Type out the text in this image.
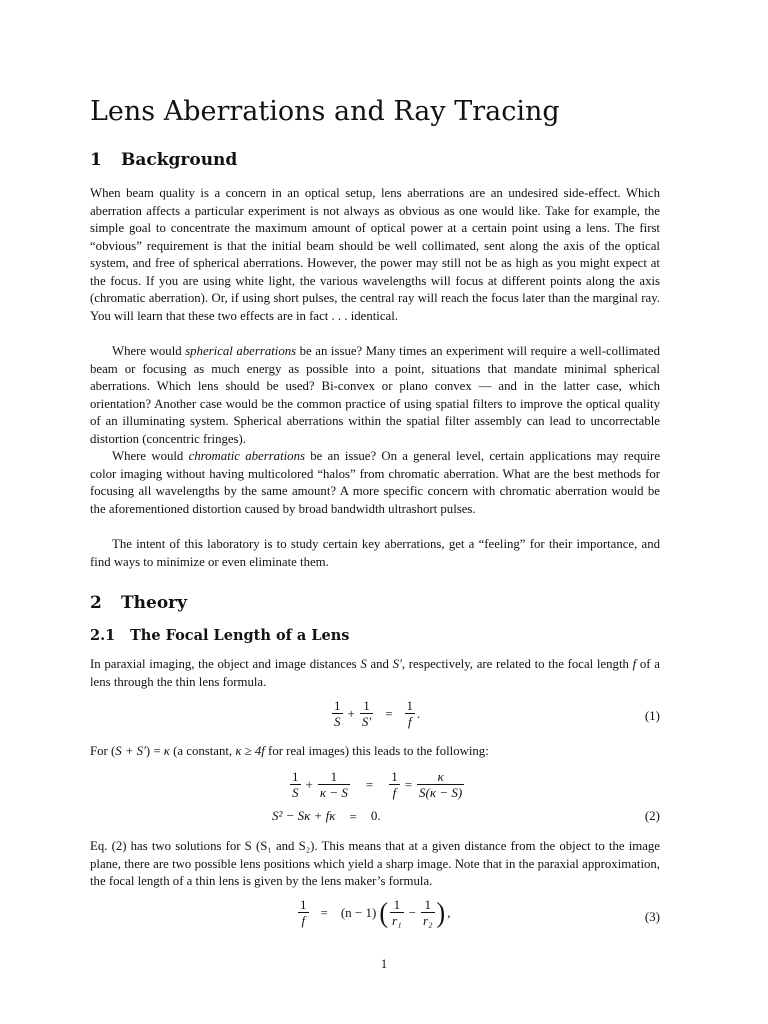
Lens Aberrations and Ray Tracing
1 Background

When beam quality is a concern in an optical setup, lens aberrations are an undesired side-effect. Which aberration affects a particular experiment is not always as obvious as one would like. Take for example, the simple goal to concentrate the maximum amount of optical power at a certain point using a lens. The first “obvious” requirement is that the initial beam should be well collimated, sent along the axis of the optical system, and free of spherical aberrations. However, the power may still not be as high as you might expect at the focus. If you are using white light, the various wavelengths will focus at different points along the axis (chromatic aberration). Or, if using short pulses, the central ray will reach the focus later than the marginal ray. You will learn that these two effects are in fact . . . identical.

Where would spherical aberrations be an issue? Many times an experiment will require a well-collimated beam or focusing as much energy as possible into a point, situations that mandate minimal spherical aberrations. Which lens should be used? Bi-convex or plano convex — and in the latter case, which orientation? Another case would be the common practice of using spatial filters to improve the optical quality of an illuminating system. Spherical aberrations within the spatial filter assembly can lead to uncorrectable distortion (concentric fringes).

Where would chromatic aberrations be an issue? On a general level, certain applications may require color imaging without having multicolored “halos” from chromatic aberration. What are the best methods for focusing all wavelengths by the same amount? A more specific concern with chromatic aberration would be the aforementioned distortion caused by broad bandwidth ultrashort pulses.

The intent of this laboratory is to study certain key aberrations, get a “feeling” for their importance, and find ways to minimize or even eliminate them.

2 Theory
2.1 The Focal Length of a Lens

In paraxial imaging, the object and image distances S and S′, respectively, are related to the focal length f of a lens through the thin lens formula.

$\frac{1}{S} + \frac{1}{S'} = \frac{1}{f}$ .	(1)

For (S + S′) = κ (a constant, κ ≥ 4f for real images) this leads to the following:

$\frac{1}{S} + \frac{1}{\kappa - S} = \frac{1}{f} = \frac{\kappa}{S(\kappa - S)}$
S² − Sκ + fκ = 0.	(2)

Eq. (2) has two solutions for S (S₁ and S₂). This means that at a given distance from the object to the image plane, there are two possible lens positions which yield a sharp image. Note that in the paraxial approximation, the focal length of a thin lens is given by the lens maker’s formula.

$\frac{1}{f} = (n - 1)$ ( $\frac{1}{\text{r₁}} - \frac{1}{\text{r₂}}$ ) ,	(3)
1
